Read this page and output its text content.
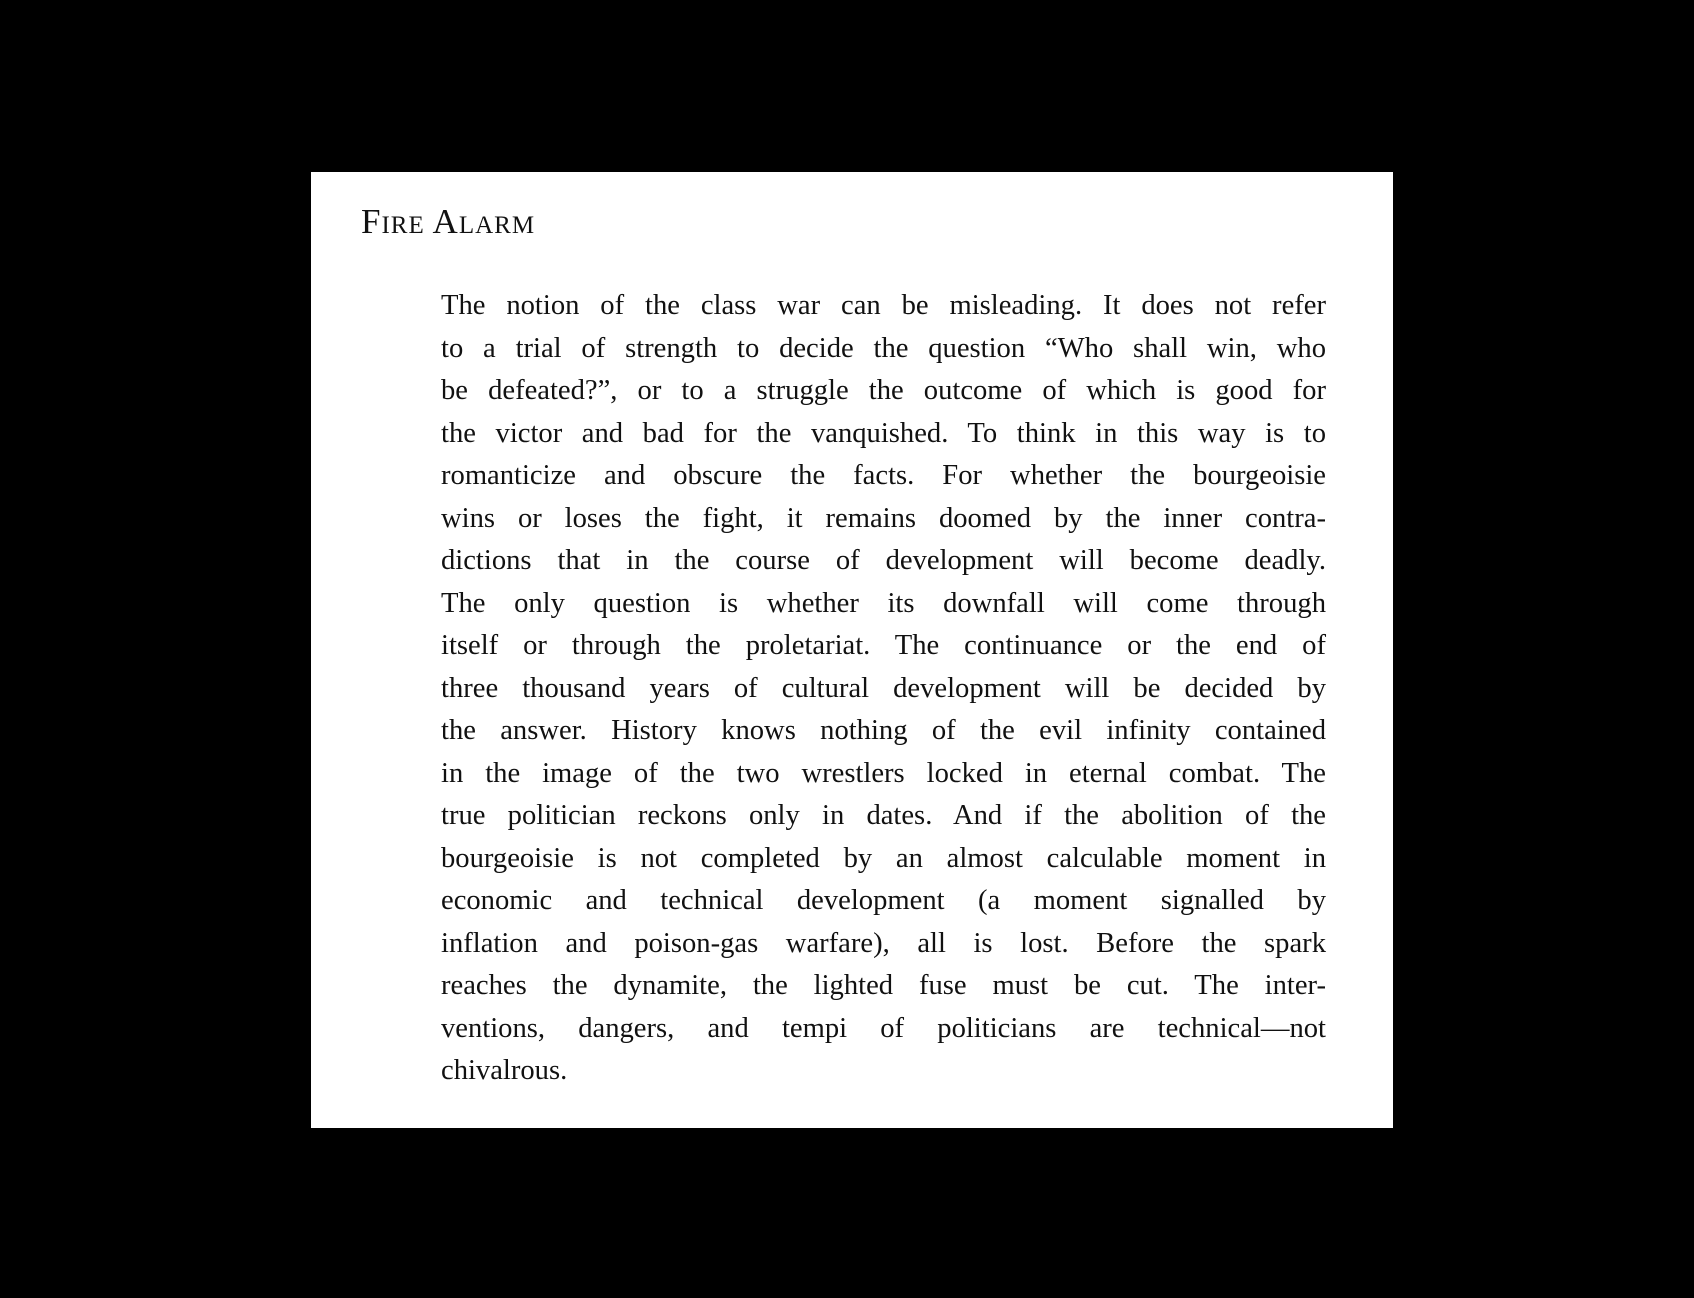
Fire Alarm
The notion of the class war can be misleading. It does not refer
to a trial of strength to decide the question “Who shall win, who
be defeated?”, or to a struggle the outcome of which is good for
the victor and bad for the vanquished. To think in this way is to
romanticize and obscure the facts. For whether the bourgeoisie
wins or loses the fight, it remains doomed by the inner contra-
dictions that in the course of development will become deadly.
The only question is whether its downfall will come through
itself or through the proletariat. The continuance or the end of
three thousand years of cultural development will be decided by
the answer. History knows nothing of the evil infinity contained
in the image of the two wrestlers locked in eternal combat. The
true politician reckons only in dates. And if the abolition of the
bourgeoisie is not completed by an almost calculable moment in
economic and technical development (a moment signalled by
inflation and poison-gas warfare), all is lost. Before the spark
reaches the dynamite, the lighted fuse must be cut. The inter-
ventions, dangers, and tempi of politicians are technical—not
chivalrous.
